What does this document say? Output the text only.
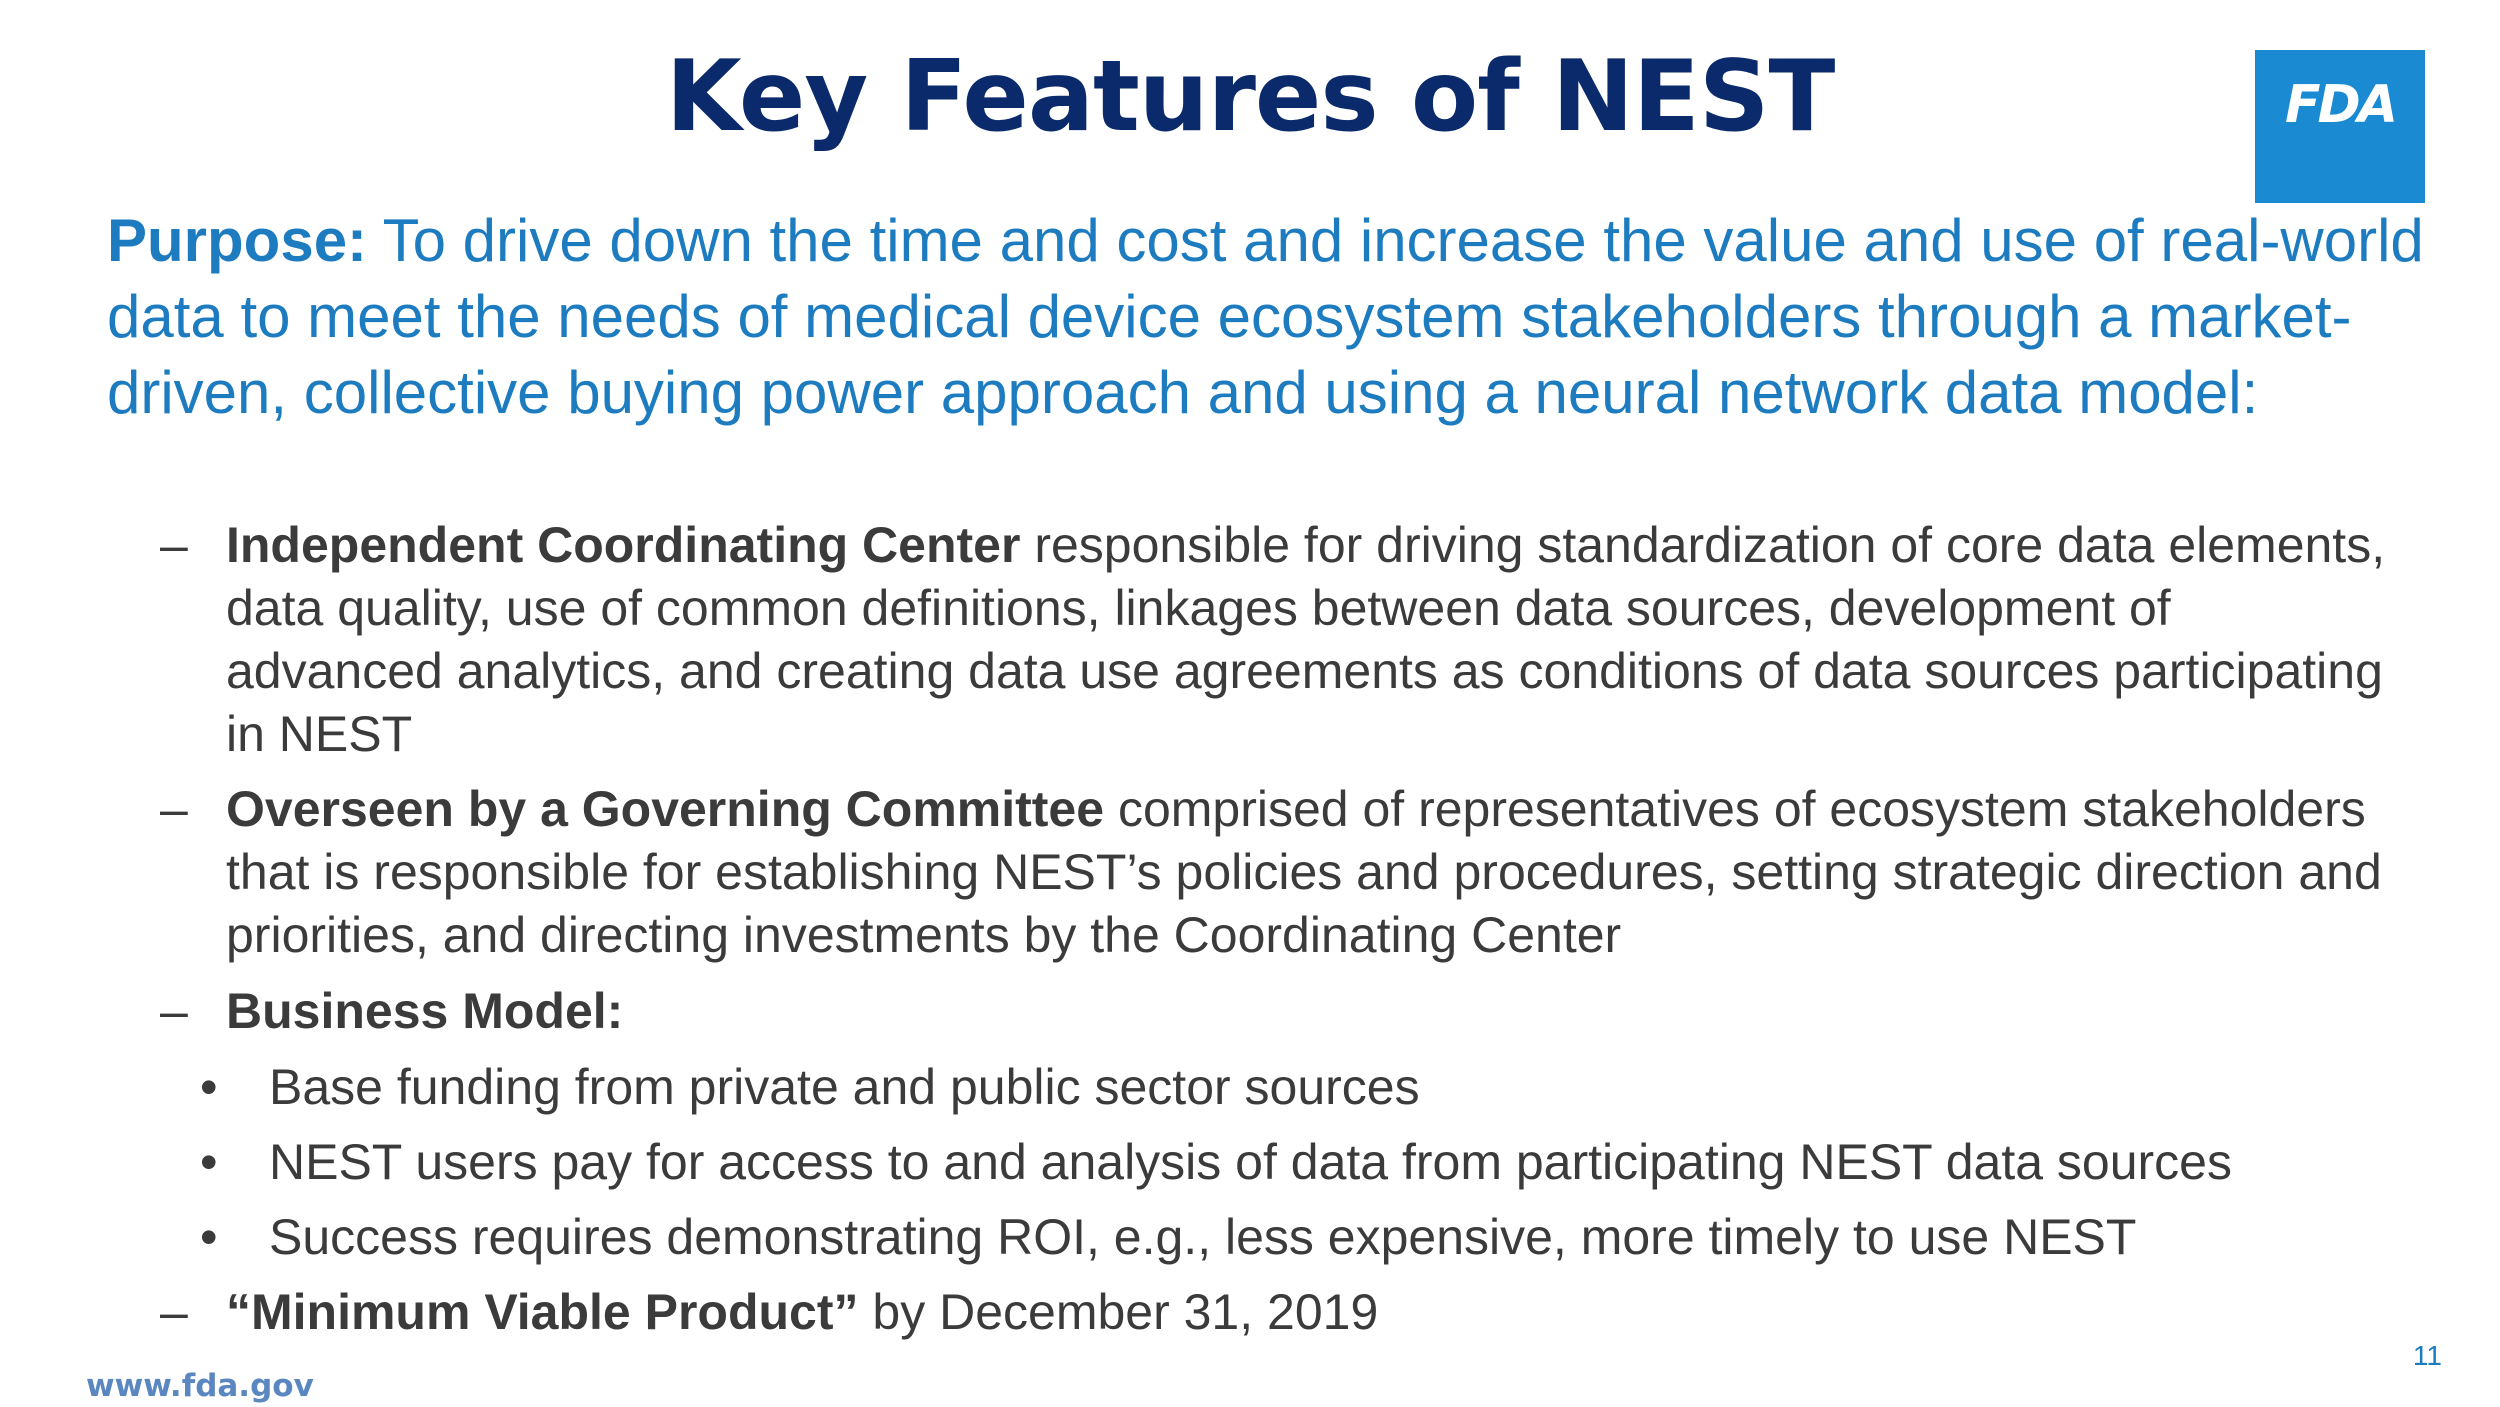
Key Features of NEST	FDA
Purpose: To drive down the time and cost and increase the value and use of real-world data to meet the needs of medical device ecosystem stakeholders through a market-driven, collective buying power approach and using a neural network data model:
– Independent Coordinating Center responsible for driving standardization of core data elements, data quality, use of common definitions, linkages between data sources, development of advanced analytics, and creating data use agreements as conditions of data sources participating in NEST
– Overseen by a Governing Committee comprised of representatives of ecosystem stakeholders that is responsible for establishing NEST’s policies and procedures, setting strategic direction and priorities, and directing investments by the Coordinating Center
– Business Model:
• Base funding from private and public sector sources
• NEST users pay for access to and analysis of data from participating NEST data sources
• Success requires demonstrating ROI, e.g., less expensive, more timely to use NEST
– “Minimum Viable Product” by December 31, 2019
www.fda.gov
11
